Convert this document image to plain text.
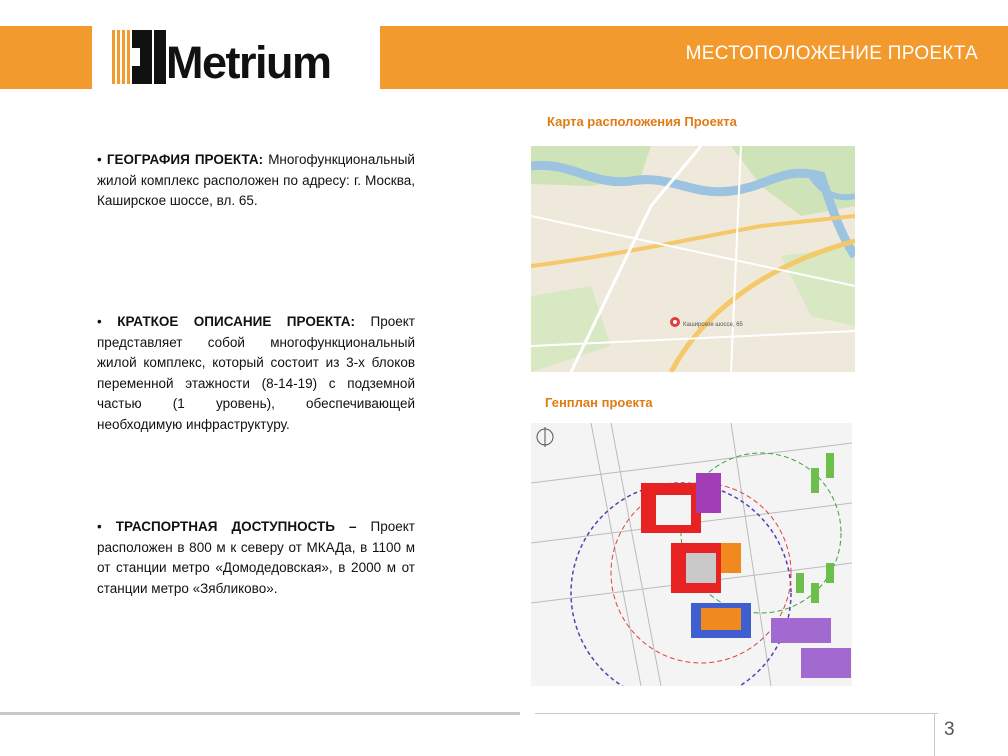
МЕСТОПОЛОЖЕНИЕ ПРОЕКТА
Metrium
• ГЕОГРАФИЯ ПРОЕКТА: Многофункциональный жилой комплекс расположен по адресу: г. Москва, Каширское шоссе, вл. 65.
• КРАТКОЕ ОПИСАНИЕ ПРОЕКТА: Проект представляет собой многофункциональный жилой комплекс, который состоит из 3-х блоков переменной этажности (8-14-19) с подземной частью (1 уровень), обеспечивающей необходимую инфраструктуру.
• ТРАСПОРТНАЯ ДОСТУПНОСТЬ – Проект расположен в 800 м к северу от МКАДа, в 1100 м от станции метро «Домодедовская», в 2000 м от станции метро «Зябликово».
Карта расположения Проекта
Каширское шоссе, 65
Генплан проекта
3
